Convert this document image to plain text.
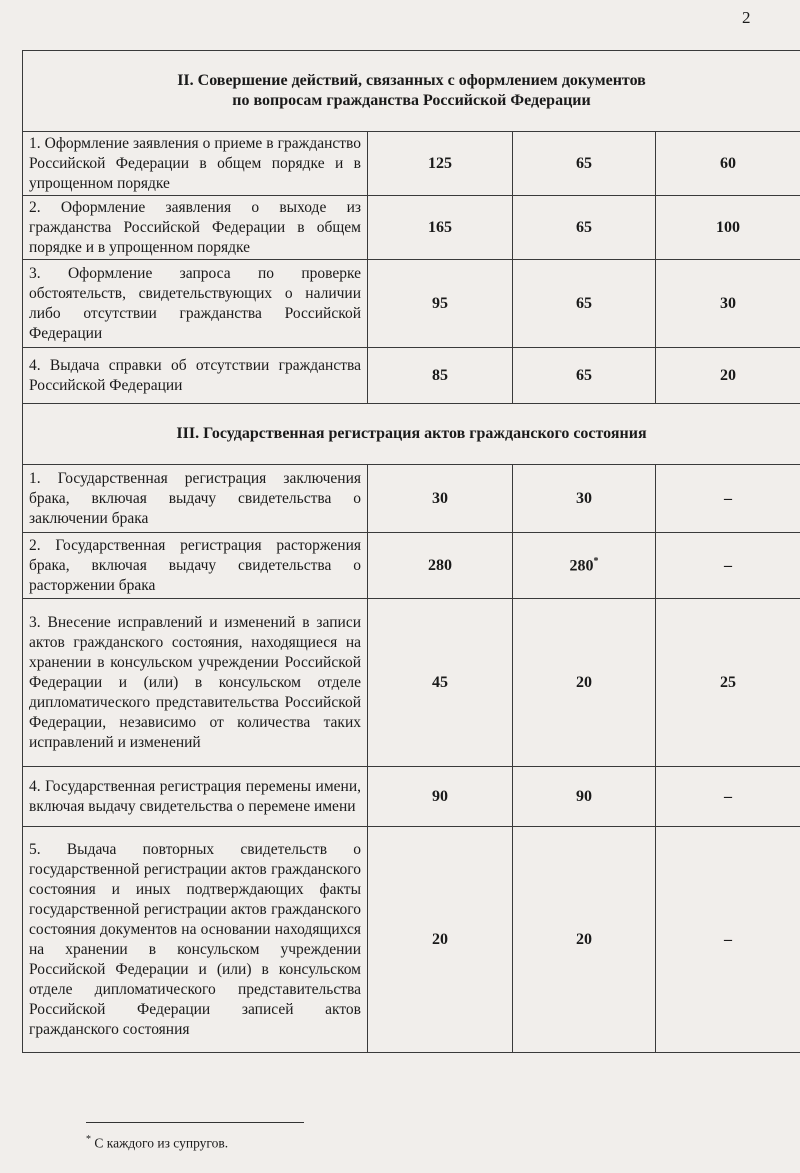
2
II. Совершение действий, связанных с оформлением документов
по вопросам гражданства Российской Федерации			
1. Оформление заявления о приеме в гражданство Российской Федерации в общем порядке и в упрощенном порядке	125	65	60
2. Оформление заявления о выходе из гражданства Российской Федерации в общем порядке и в упрощенном порядке	165	65	100
3. Оформление запроса по проверке обстоятельств, свидетельствующих о наличии либо отсутствии гражданства Российской Федерации	95	65	30
4. Выдача справки об отсутствии гражданства Российской Федерации	85	65	20
III. Государственная регистрация актов гражданского состояния			
1. Государственная регистрация заключения брака, включая выдачу свидетельства о заключении брака	30	30	–
2. Государственная регистрация расторжения брака, включая выдачу свидетельства о расторжении брака	280	280*	–
3. Внесение исправлений и изменений в записи актов гражданского состояния, находящиеся на хранении в консульском учреждении Российской Федерации и (или) в консульском отделе дипломатического представительства Российской Федерации, независимо от количества таких исправлений и изменений	45	20	25
4. Государственная регистрация перемены имени, включая выдачу свидетельства о перемене имени	90	90	–
5. Выдача повторных свидетельств о государственной регистрации актов гражданского состояния и иных подтверждающих факты государственной регистрации актов гражданского состояния документов на основании находящихся на хранении в консульском учреждении Российской Федерации и (или) в консульском отделе дипломатического представительства Российской Федерации записей актов гражданского состояния	20	20	–
* С каждого из супругов.
